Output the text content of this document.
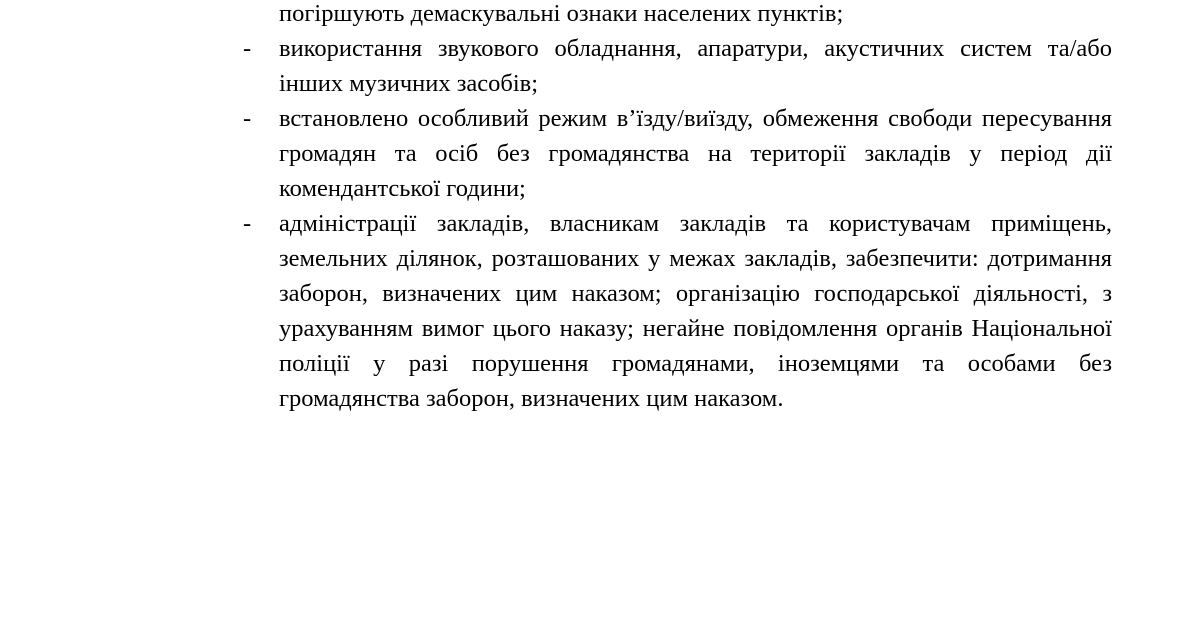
погіршують демаскувальні ознаки населених пунктів;

-	використання звукового обладнання, апаратури, акустичних систем та/або інших музичних засобів;
-	встановлено особливий режим в’їзду/виїзду, обмеження свободи пересування громадян та осіб без громадянства на території закладів у період дії комендантської години;
-	адміністрації закладів, власникам закладів та користувачам приміщень, земельних ділянок, розташованих у межах закладів, забезпечити: дотримання заборон, визначених цим наказом; організацію господарської діяльності, з урахуванням вимог цього наказу; негайне повідомлення органів Національної поліції у разі порушення громадянами, іноземцями та особами без громадянства заборон, визначених цим наказом.
